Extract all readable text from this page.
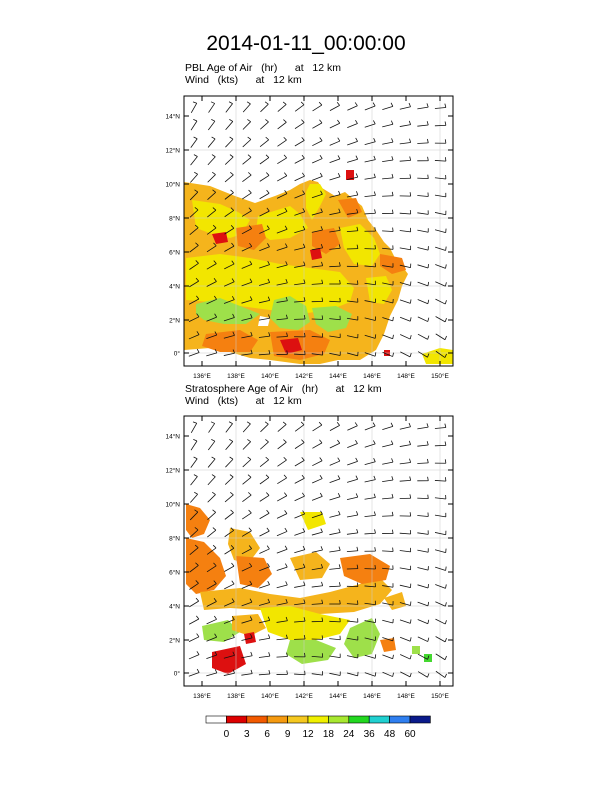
2014-01-11_00:00:00
PBL Age of Air   (hr)      at   12 km
Wind   (kts)      at   12 km
Stratosphere Age of Air   (hr)      at   12 km
Wind   (kts)      at   12 km
14°N
12°N
10°N
8°N
6°N
4°N
2°N
0°
136°E 138°E 140°E 142°E 144°E 146°E 148°E 150°E
14°N
12°N
10°N
8°N
6°N
4°N
2°N
0°
136°E 138°E 140°E 142°E 144°E 146°E 148°E 150°E
0 3 6 9 12 18 24 36 48 60
